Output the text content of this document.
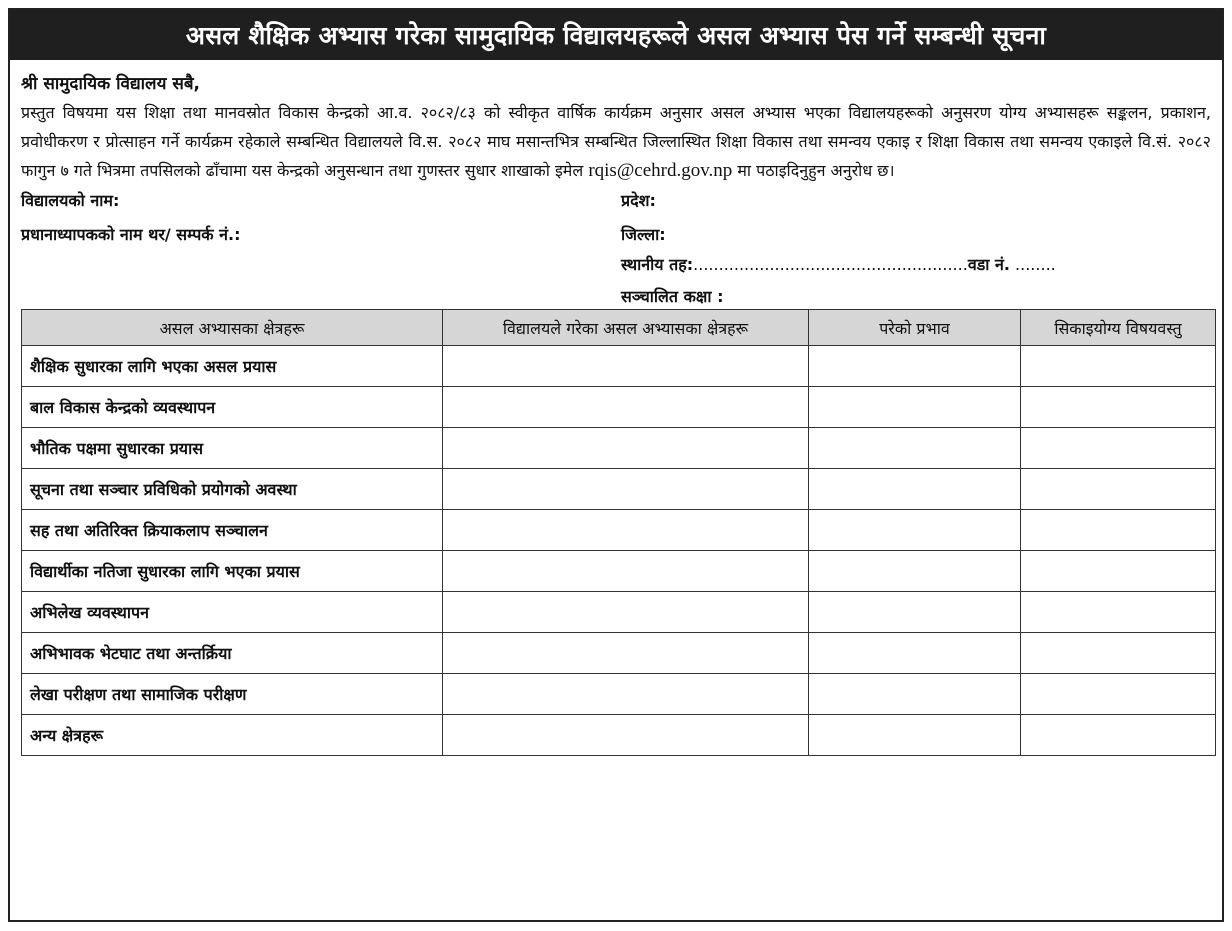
असल शैक्षिक अभ्यास गरेका सामुदायिक विद्यालयहरूले असल अभ्यास पेस गर्ने सम्बन्धी सूचना
श्री सामुदायिक विद्यालय सबै,

प्रस्तुत विषयमा यस शिक्षा तथा मानवस्रोत विकास केन्द्रको आ.व. २०८२/८३ को स्वीकृत वार्षिक कार्यक्रम अनुसार असल अभ्यास भएका विद्यालयहरूको अनुसरण योग्य अभ्यासहरू सङ्कलन, प्रकाशन, प्रवोधीकरण र प्रोत्साहन गर्ने कार्यक्रम रहेकाले सम्बन्धित विद्यालयले वि.स. २०८२ माघ मसान्तभित्र सम्बन्धित जिल्लास्थित शिक्षा विकास तथा समन्वय एकाइ र शिक्षा विकास तथा समन्वय एकाइले वि.सं. २०८२ फागुन ७ गते भित्रमा तपसिलको ढाँचामा यस केन्द्रको अनुसन्धान तथा गुणस्तर सुधार शाखाको इमेल rqis@cehrd.gov.np मा पठाइदिनुहुन अनुरोध छ।

विद्यालयको नाम:
प्रधानाध्यापकको नाम थर/ सम्पर्क नं.:
प्रदेश:
जिल्ला:
स्थानीय तह:......................................................वडा नं. ........
सञ्चालित कक्षा :
असल अभ्यासका क्षेत्रहरू	विद्यालयले गरेका असल अभ्यासका क्षेत्रहरू	परेको प्रभाव	सिकाइयोग्य विषयवस्तु
शैक्षिक सुधारका लागि भएका असल प्रयास			
बाल विकास केन्द्रको व्यवस्थापन			
भौतिक पक्षमा सुधारका प्रयास			
सूचना तथा सञ्चार प्रविधिको प्रयोगको अवस्था			
सह तथा अतिरिक्त क्रियाकलाप सञ्चालन			
विद्यार्थीका नतिजा सुधारका लागि भएका प्रयास			
अभिलेख व्यवस्थापन			
अभिभावक भेटघाट तथा अन्तर्क्रिया			
लेखा परीक्षण तथा सामाजिक परीक्षण			
अन्य क्षेत्रहरू			
